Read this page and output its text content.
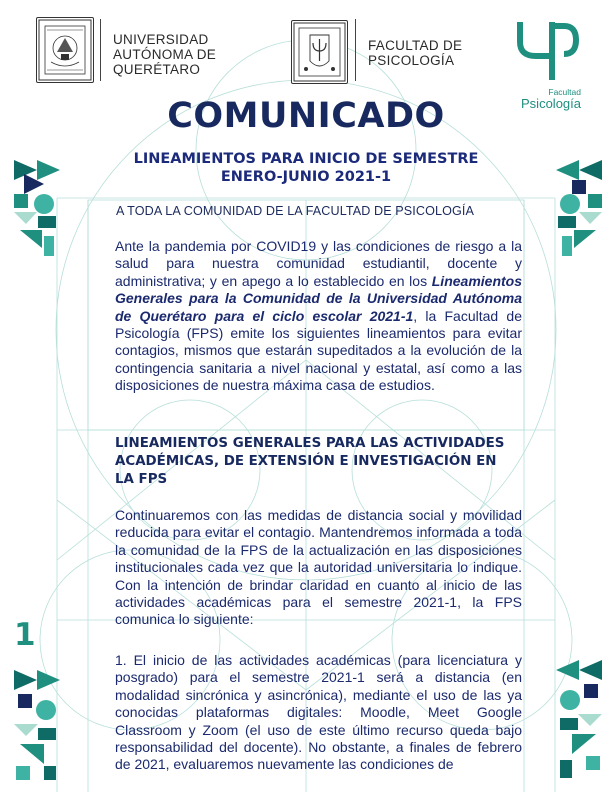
UNIVERSIDAD
AUTÓNOMA DE
QUERÉTARO
FACULTAD DE
PSICOLOGÍA
Facultad
Psicología
COMUNICADO
LINEAMIENTOS PARA INICIO DE SEMESTRE
ENERO-JUNIO 2021-1
A TODA LA COMUNIDAD DE LA FACULTAD DE PSICOLOGÍA
Ante la pandemia por COVID19 y las condiciones de riesgo a la salud para nuestra comunidad estudiantil, docente y administrativa; y en apego a lo establecido en los Lineamientos Generales para la Comunidad de la Universidad Autónoma de Querétaro para el ciclo escolar 2021-1, la Facultad de Psicología (FPS) emite los siguientes lineamientos para evitar contagios, mismos que estarán supeditados a la evolución de la contingencia sanitaria a nivel nacional y estatal, así como a las disposiciones de nuestra máxima casa de estudios.
LINEAMIENTOS GENERALES PARA LAS ACTIVIDADES
ACADÉMICAS, DE EXTENSIÓN E INVESTIGACIÓN EN
LA FPS
Continuaremos con las medidas de distancia social y movilidad reducida para evitar el contagio. Mantendremos informada a toda la comunidad de la FPS de la actualización en las disposiciones institucionales cada vez que la autoridad universitaria lo indique. Con la intención de brindar claridad en cuanto al inicio de las actividades académicas para el semestre 2021-1, la FPS comunica lo siguiente:
1. El inicio de las actividades académicas (para licenciatura y posgrado) para el semestre 2021-1 será a distancia (en modalidad sincrónica y asincrónica), mediante el uso de las ya conocidas plataformas digitales: Moodle, Meet Google Classroom y Zoom (el uso de este último recurso queda bajo responsabilidad del docente). No obstante, a finales de febrero de 2021, evaluaremos nuevamente las condiciones de
1
